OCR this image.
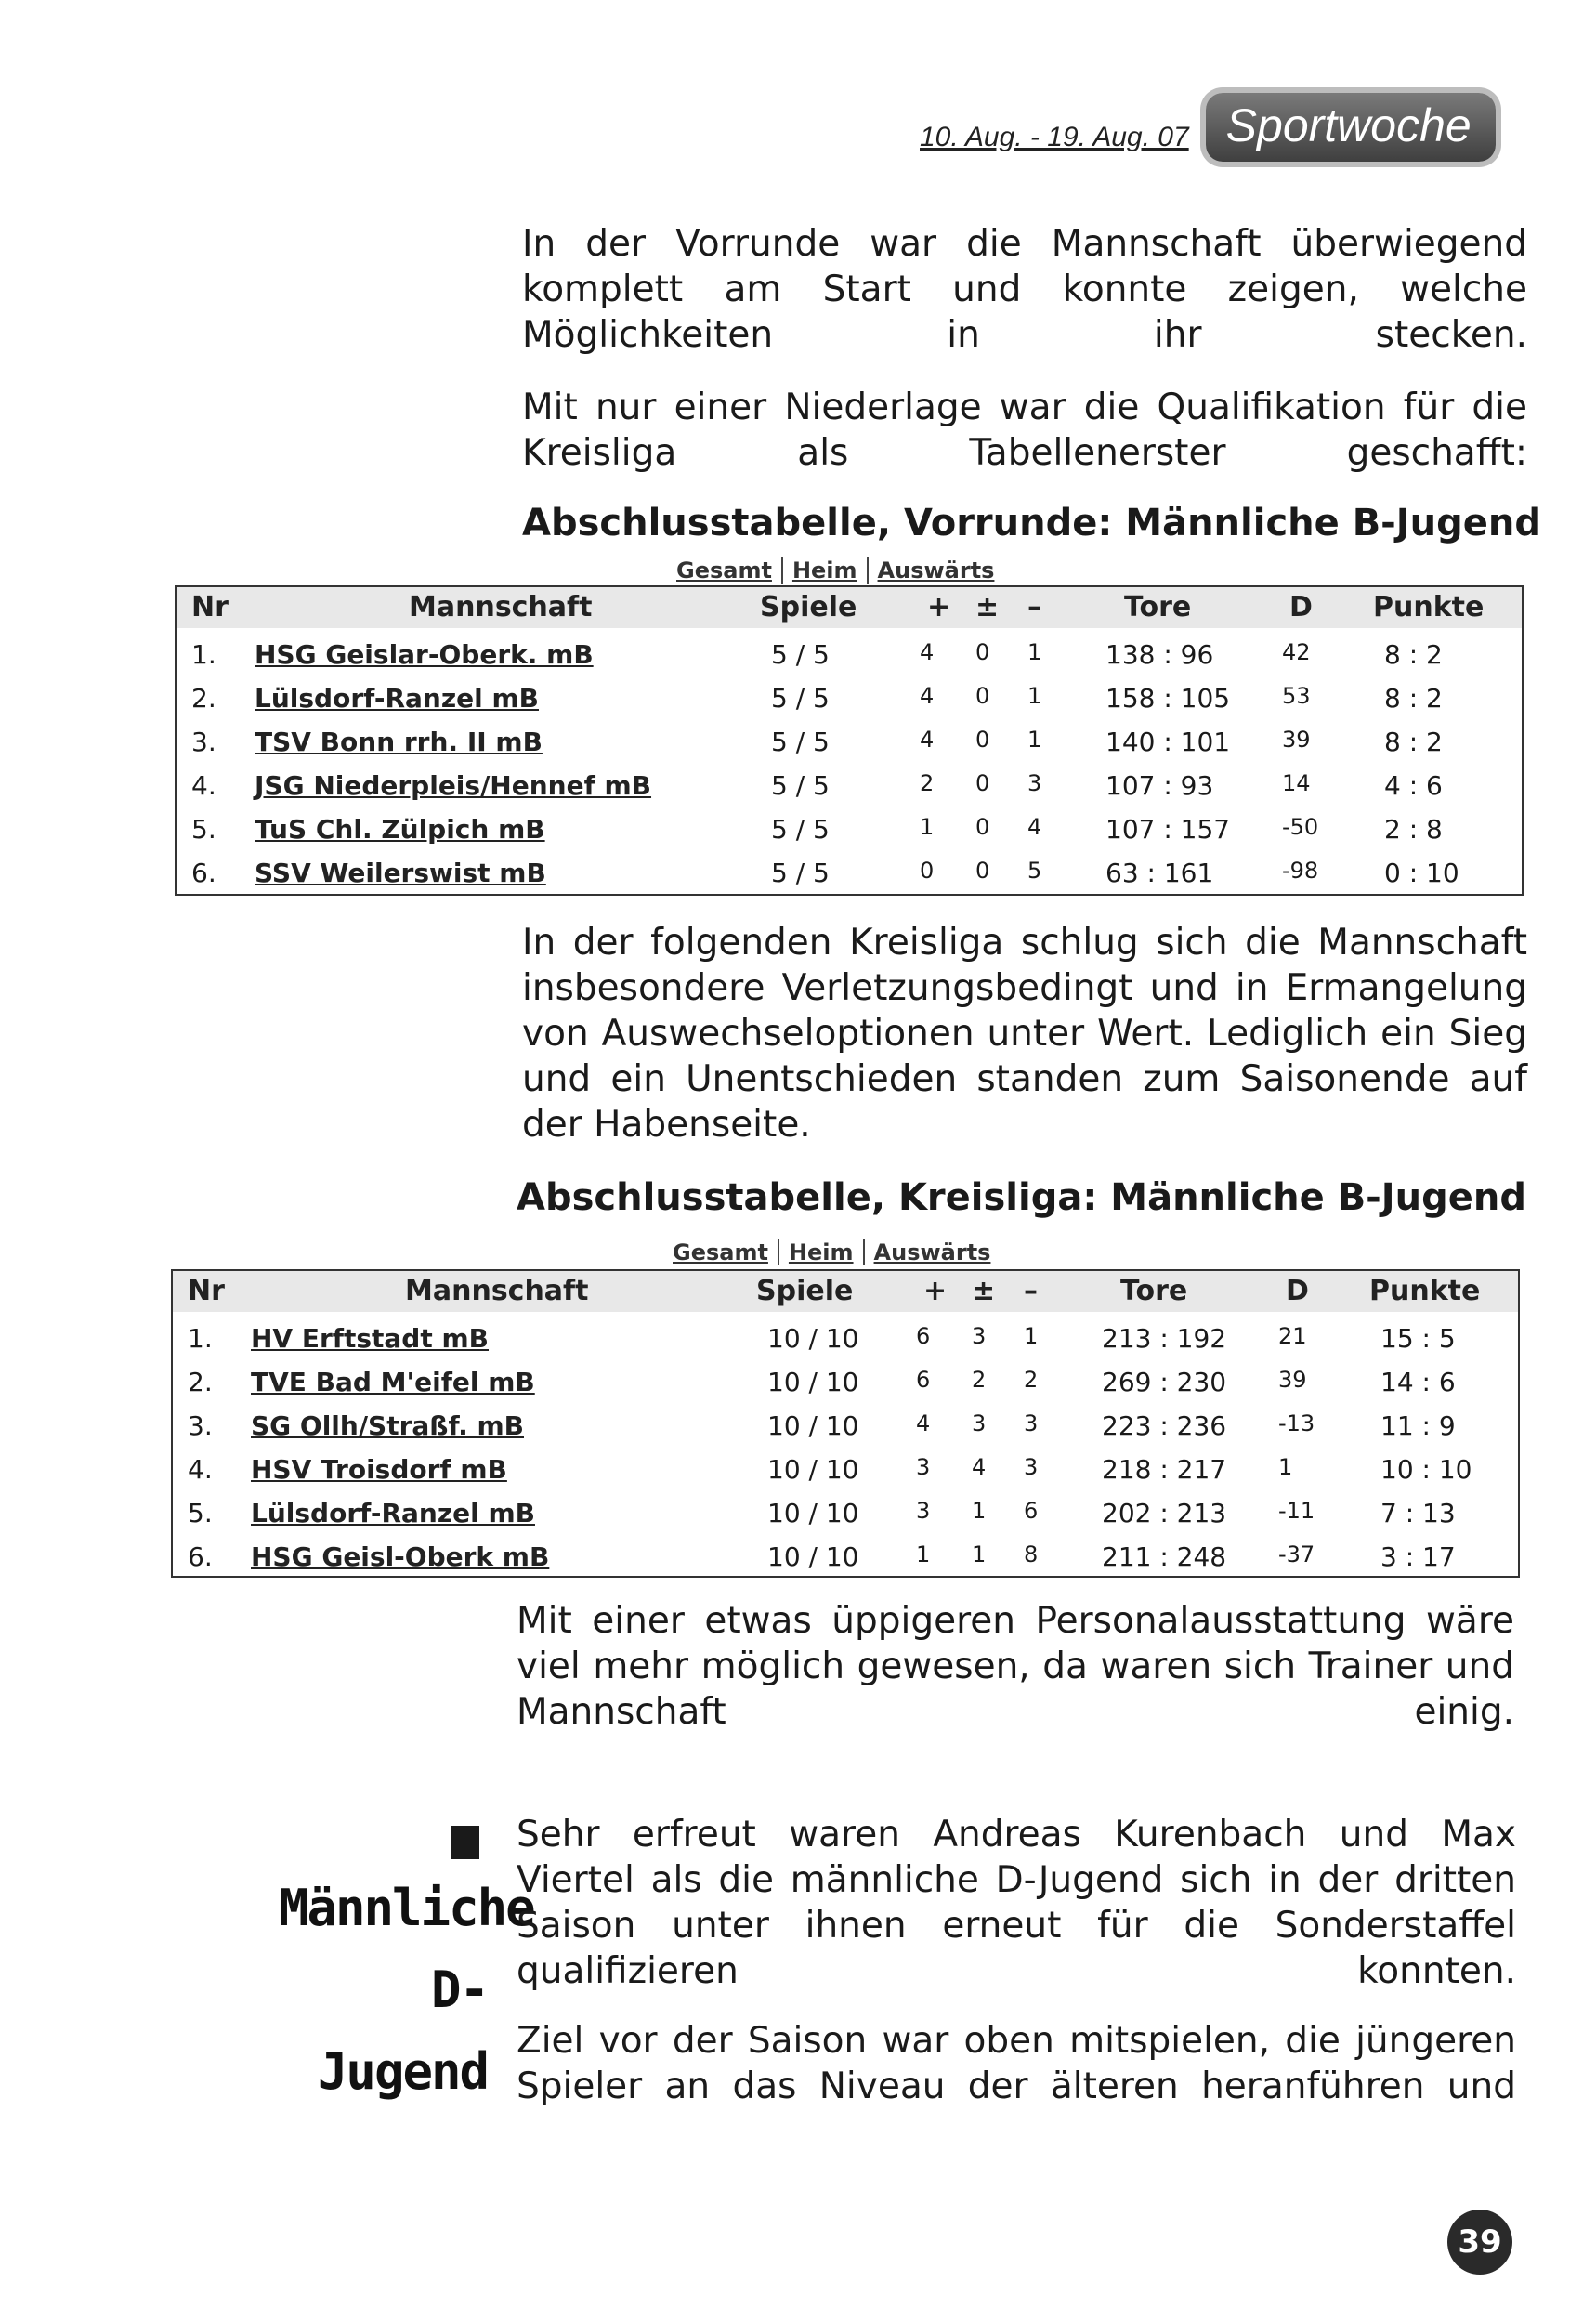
10. Aug. - 19. Aug. 07 Sportwoche

In der Vorrunde war die Mannschaft überwiegend komplett am Start und konnte zeigen, welche Möglichkeiten in ihr stecken.

Mit nur einer Niederlage war die Qualifikation für die Kreisliga als Tabellenerster geschafft:

Abschlusstabelle, Vorrunde: Männliche B-Jugend
Gesamt Heim Auswärts
Nr	Mannschaft	Spiele	+ ± –	Tore	D Punkte
1. HSG Geislar-Oberk. mB	5 / 5	4 0 1 138 : 96	42	8 : 2
2. Lülsdorf-Ranzel mB	5 / 5	4 0 1 158 : 105 53	8 : 2
3. TSV Bonn rrh. II mB	5 / 5	4 0 1 140 : 101 39	8 : 2
4. JSG Niederpleis/Hennef mB	5 / 5	2 0 3 107 : 93	14	4 : 6
5. TuS Chl. Zülpich mB	5 / 5	1 0 4 107 : 157 -50	2 : 8
6. SSV Weilerswist mB	5 / 5	0 0 5 63 : 161	-98	0 : 10

In der folgenden Kreisliga schlug sich die Mannschaft insbesondere Verletzungsbedingt und in Ermangelung von Auswechseloptionen unter Wert. Lediglich ein Sieg und ein Unentschieden standen zum Saisonende auf der Habenseite.

Abschlusstabelle, Kreisliga: Männliche B-Jugend
Gesamt Heim Auswärts
Nr	Mannschaft	Spiele	+ ± –	Tore	D Punkte
1. HV Erftstadt mB	10 / 10	6 3 1 213 : 192 21	15 : 5
2. TVE Bad M'eifel mB	10 / 10	6 2 2 269 : 230 39	14 : 6
3. SG Ollh/Straßf. mB	10 / 10	4 3 3 223 : 236 -13	11 : 9
4. HSV Troisdorf mB	10 / 10	3 4 3 218 : 217 1	10 : 10
5. Lülsdorf-Ranzel mB	10 / 10	3 1 6 202 : 213 -11	7 : 13
6. HSG Geisl-Oberk mB	10 / 10	1 1 8 211 : 248 -37	3 : 17

Mit einer etwas üppigeren Personalausstattung wäre viel mehr möglich gewesen, da waren sich Trainer und Mannschaft einig.

Männliche
D-Jugend

Sehr erfreut waren Andreas Kurenbach und Max Viertel als die männliche D-Jugend sich in der dritten Saison unter ihnen erneut für die Sonderstaffel qualifizieren konnten.

Ziel vor der Saison war oben mitspielen, die jüngeren Spieler an das Niveau der älteren heranführen und

39
